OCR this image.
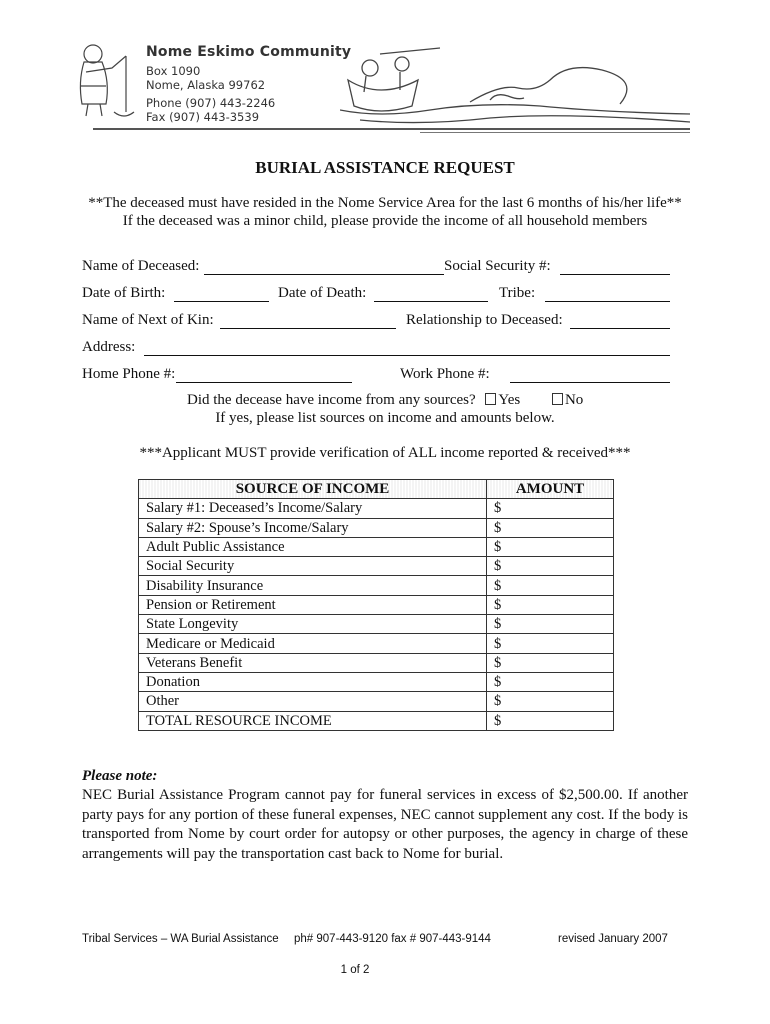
Nome Eskimo Community
Box 1090
Nome, Alaska 99762
Phone (907) 443-2246
Fax (907) 443-3539
BURIAL ASSISTANCE REQUEST
**The deceased must have resided in the Nome Service Area for the last 6 months of his/her life**
If the deceased was a minor child, please provide the income of all household members
Name of Deceased:	Social Security #:
Date of Birth:	Date of Death:	Tribe:
Name of Next of Kin:	Relationship to Deceased:
Address:
Home Phone #:	Work Phone #:
Did the decease have income from any sources? Yes	No
If yes, please list sources on income and amounts below.
***Applicant MUST provide verification of ALL income reported & received***
SOURCE OF INCOME	AMOUNT
Salary #1: Deceased’s Income/Salary	$
Salary #2: Spouse’s Income/Salary	$
Adult Public Assistance	$
Social Security	$
Disability Insurance	$
Pension or Retirement	$
State Longevity	$
Medicare or Medicaid	$
Veterans Benefit	$
Donation	$
Other	$
TOTAL RESOURCE INCOME	$
Please note:
NEC Burial Assistance Program cannot pay for funeral services in excess of $2,500.00. If another party pays for any portion of these funeral expenses, NEC cannot supplement any cost. If the body is transported from Nome by court order for autopsy or other purposes, the agency in charge of these arrangements will pay the transportation cast back to Nome for burial.
Tribal Services – WA Burial Assistance ph# 907-443-9120 fax # 907-443-9144	revised January 2007
1 of 2
